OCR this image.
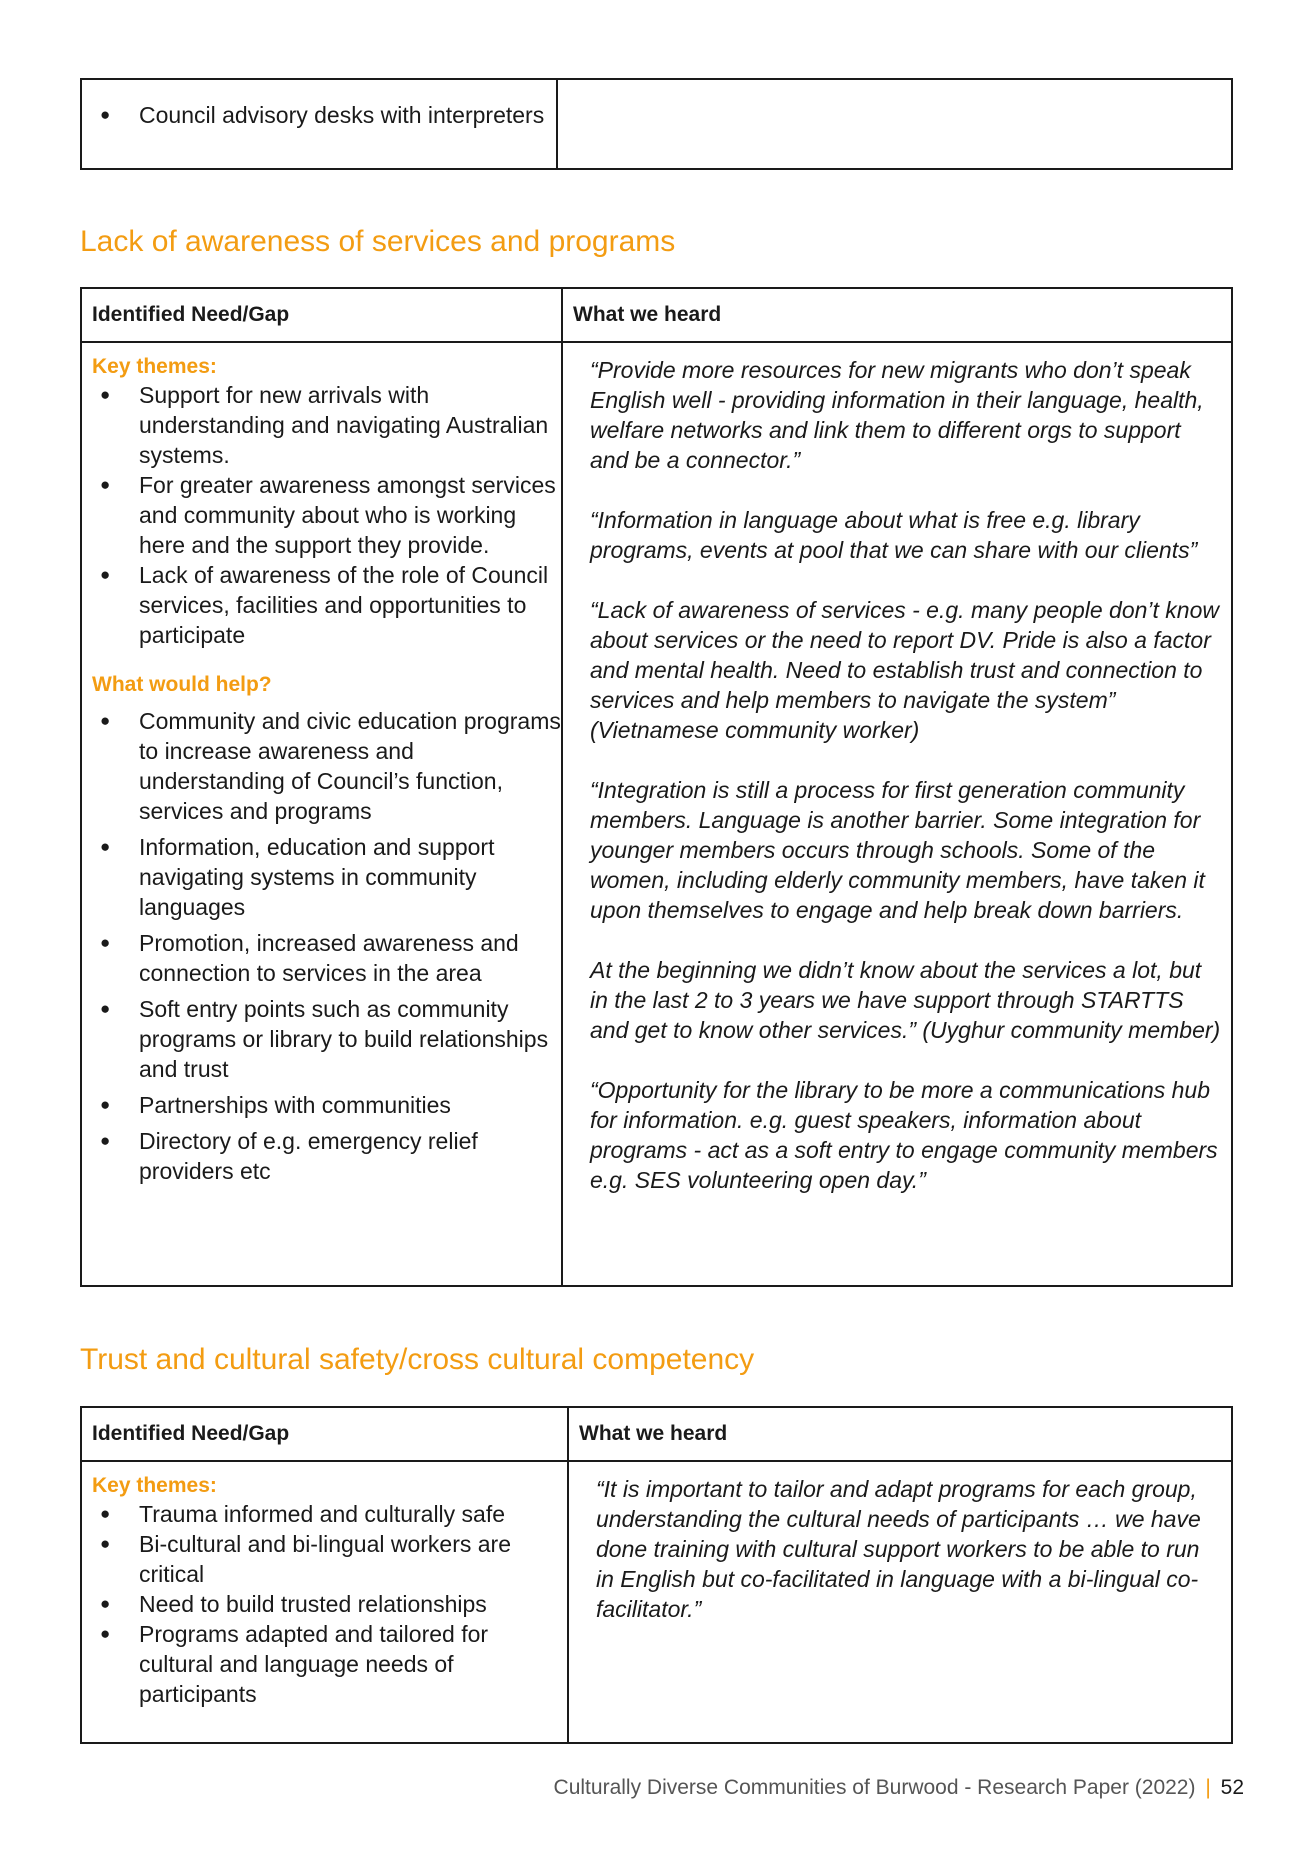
● Council advisory desks with interpreters
Lack of awareness of services and programs
Identified Need/Gap	What we heard
Key themes:
● Support for new arrivals with understanding and navigating Australian systems.
● For greater awareness amongst services and community about who is working here and the support they provide.
● Lack of awareness of the role of Council services, facilities and opportunities to participate
What would help?
● Community and civic education programs to increase awareness and understanding of Council’s function, services and programs
● Information, education and support navigating systems in community languages
● Promotion, increased awareness and connection to services in the area
● Soft entry points such as community programs or library to build relationships and trust
● Partnerships with communities
● Directory of e.g. emergency relief providers etc

“Provide more resources for new migrants who don’t speak English well - providing information in their language, health, welfare networks and link them to different orgs to support and be a connector.”

“Information in language about what is free e.g. library programs, events at pool that we can share with our clients”

“Lack of awareness of services - e.g. many people don’t know about services or the need to report DV. Pride is also a factor and mental health. Need to establish trust and connection to services and help members to navigate the system” (Vietnamese community worker)

“Integration is still a process for first generation community members. Language is another barrier. Some integration for younger members occurs through schools. Some of the women, including elderly community members, have taken it upon themselves to engage and help break down barriers.

At the beginning we didn’t know about the services a lot, but in the last 2 to 3 years we have support through STARTTS and get to know other services.” (Uyghur community member)

“Opportunity for the library to be more a communications hub for information. e.g. guest speakers, information about programs - act as a soft entry to engage community members e.g. SES volunteering open day.”

Trust and cultural safety/cross cultural competency
Identified Need/Gap	What we heard
Key themes:
● Trauma informed and culturally safe
● Bi-cultural and bi-lingual workers are critical
● Need to build trusted relationships
● Programs adapted and tailored for cultural and language needs of participants

“It is important to tailor and adapt programs for each group, understanding the cultural needs of participants … we have done training with cultural support workers to be able to run in English but co-facilitated in language with a bi-lingual co-facilitator.”

Culturally Diverse Communities of Burwood - Research Paper (2022) | 52
